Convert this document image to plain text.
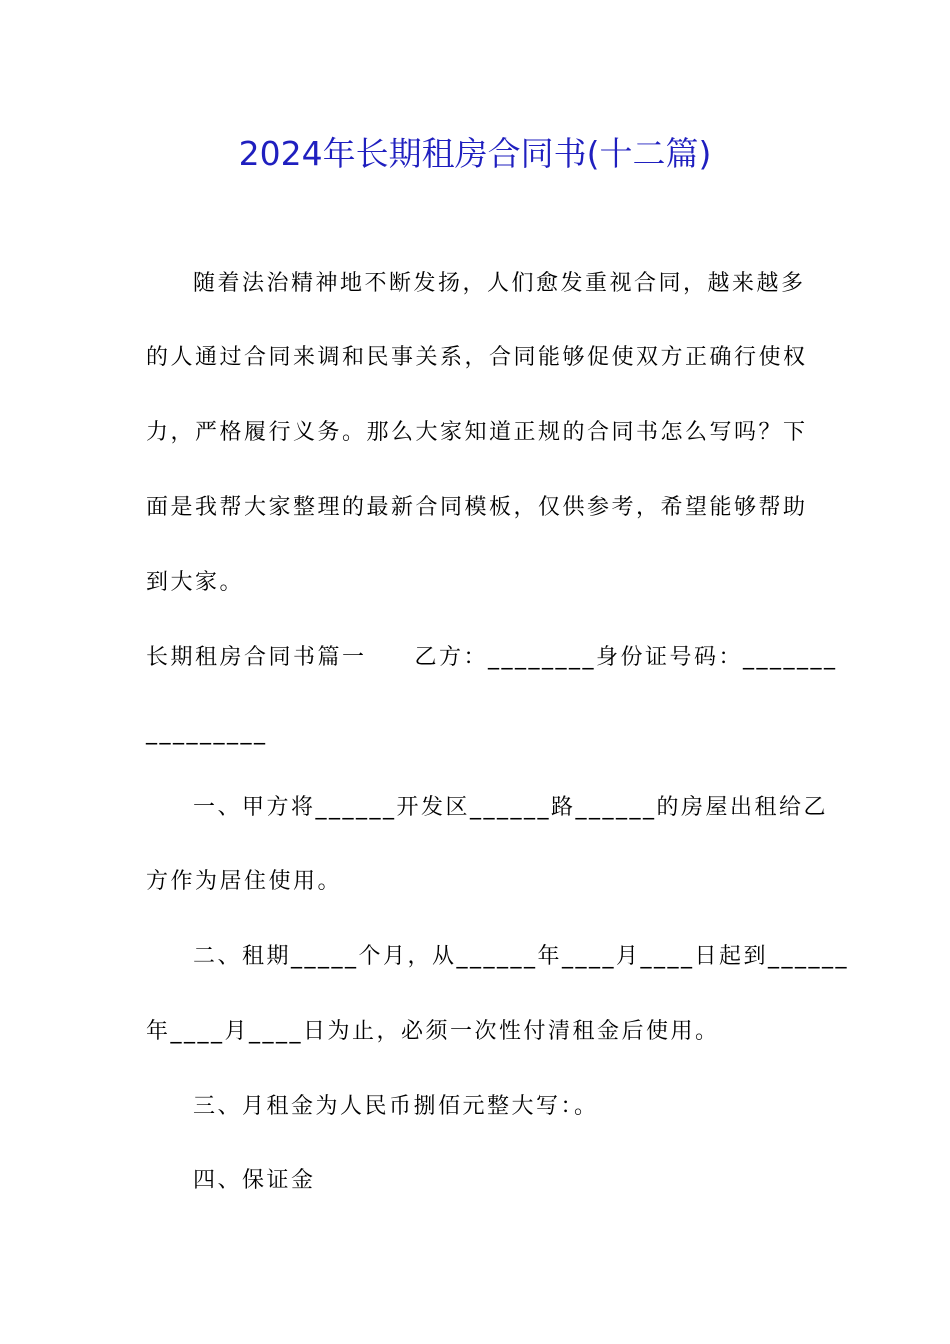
2024年长期租房合同书(十二篇)
随着法治精神地不断发扬，人们愈发重视合同，越来越多
的人通过合同来调和民事关系，合同能够促使双方正确行使权
力，严格履行义务。那么大家知道正规的合同书怎么写吗？下
面是我帮大家整理的最新合同模板，仅供参考，希望能够帮助
到大家。
长期租房合同书篇一 乙方：________身份证号码：_______
_________
一、甲方将______开发区______路______的房屋出租给乙
方作为居住使用。
二、租期_____个月，从______年____月____日起到______
年____月____日为止，必须一次性付清租金后使用。
三、月租金为人民币捌佰元整大写：。
四、保证金
